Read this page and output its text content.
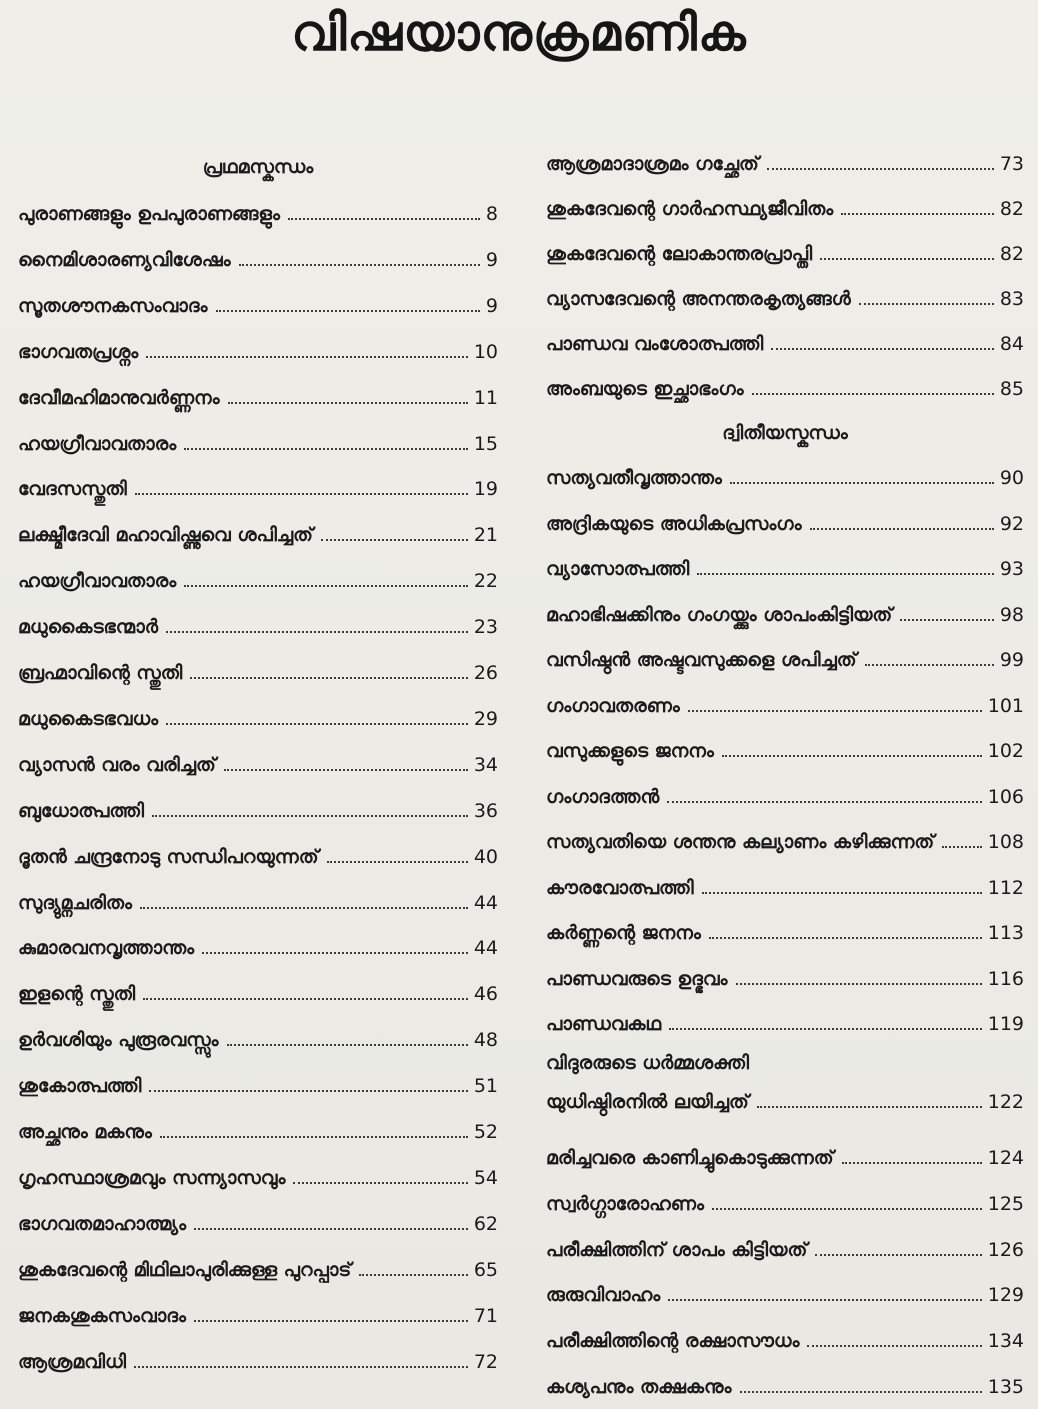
വിഷയാനുക്രമണിക
പ്രഥമസ്കന്ധം
പുരാണങ്ങളും ഉപപുരാണങ്ങളും	8
നൈമിശാരണ്യവിശേഷം	9
സൂതശൗനകസംവാദം	9
ഭാഗവതപ്രശ്നം	10
ദേവീമഹിമാനുവർണ്ണനം	11
ഹയഗ്രീവാവതാരം	15
വേദസസ്തുതി	19
ലക്ഷ്മീദേവി മഹാവിഷ്ണുവെ ശപിച്ചത്	21
ഹയഗ്രീവാവതാരം	22
മധുകൈടഭന്മാർ	23
ബ്രഹ്മാവിന്റെ സ്തുതി	26
മധുകൈടഭവധം	29
വ്യാസൻ വരം വരിച്ചത്	34
ബുധോത്പത്തി	36
ദൂതൻ ചന്ദ്രനോടു സന്ധിപറയുന്നത്	40
സുദ്യുമ്നചരിതം	44
കുമാരവനവൃത്താന്തം	44
ഇളന്റെ സ്തുതി	46
ഉർവശിയും പുരൂരവസ്സും	48
ശുകോത്പത്തി	51
അച്ഛനും മകനും	52
ഗൃഹസ്ഥാശ്രമവും സന്ന്യാസവും	54
ഭാഗവതമാഹാത്മ്യം	62
ശുകദേവന്റെ മിഥിലാപുരിക്കുള്ള പുറപ്പാട്	65
ജനകശുകസംവാദം	71
ആശ്രമവിധി	72
ദ്വിതീയസ്കന്ധം
ആശ്രമാദാശ്രമം ഗച്ഛേത്	73
ശുകദേവന്റെ ഗാർഹസ്ഥ്യജീവിതം	82
ശുകദേവന്റെ ലോകാന്തരപ്രാപ്തി	82
വ്യാസദേവന്റെ അനന്തരകൃത്യങ്ങൾ	83
പാണ്ഡവ വംശോത്പത്തി	84
അംബയുടെ ഇച്ഛാഭംഗം	85
സത്യവതീവൃത്താന്തം	90
അദ്രികയുടെ അധികപ്രസംഗം	92
വ്യാസോത്പത്തി	93
മഹാഭിഷക്കിനും ഗംഗയ്ക്കും ശാപംകിട്ടിയത്	98
വസിഷ്ഠൻ അഷ്ടവസുക്കളെ ശപിച്ചത്	99
ഗംഗാവതരണം	101
വസുക്കളുടെ ജനനം	102
ഗംഗാദത്തൻ	106
സത്യവതിയെ ശന്തനു കല്യാണം കഴിക്കുന്നത്	108
കൗരവോത്പത്തി	112
കർണ്ണന്റെ ജനനം	113
പാണ്ഡവരുടെ ഉദ്ഭവം	116
പാണ്ഡവകഥ	119
വിദുരരുടെ ധർമ്മശക്തി
യുധിഷ്ഠിരനിൽ ലയിച്ചത്	122
മരിച്ചവരെ കാണിച്ചുകൊടുക്കുന്നത്	124
സ്വർഗ്ഗാരോഹണം	125
പരീക്ഷിത്തിന് ശാപം കിട്ടിയത്	126
രുരുവിവാഹം	129
പരീക്ഷിത്തിന്റെ രക്ഷാസൗധം	134
കശ്യപനും തക്ഷകനും	135
